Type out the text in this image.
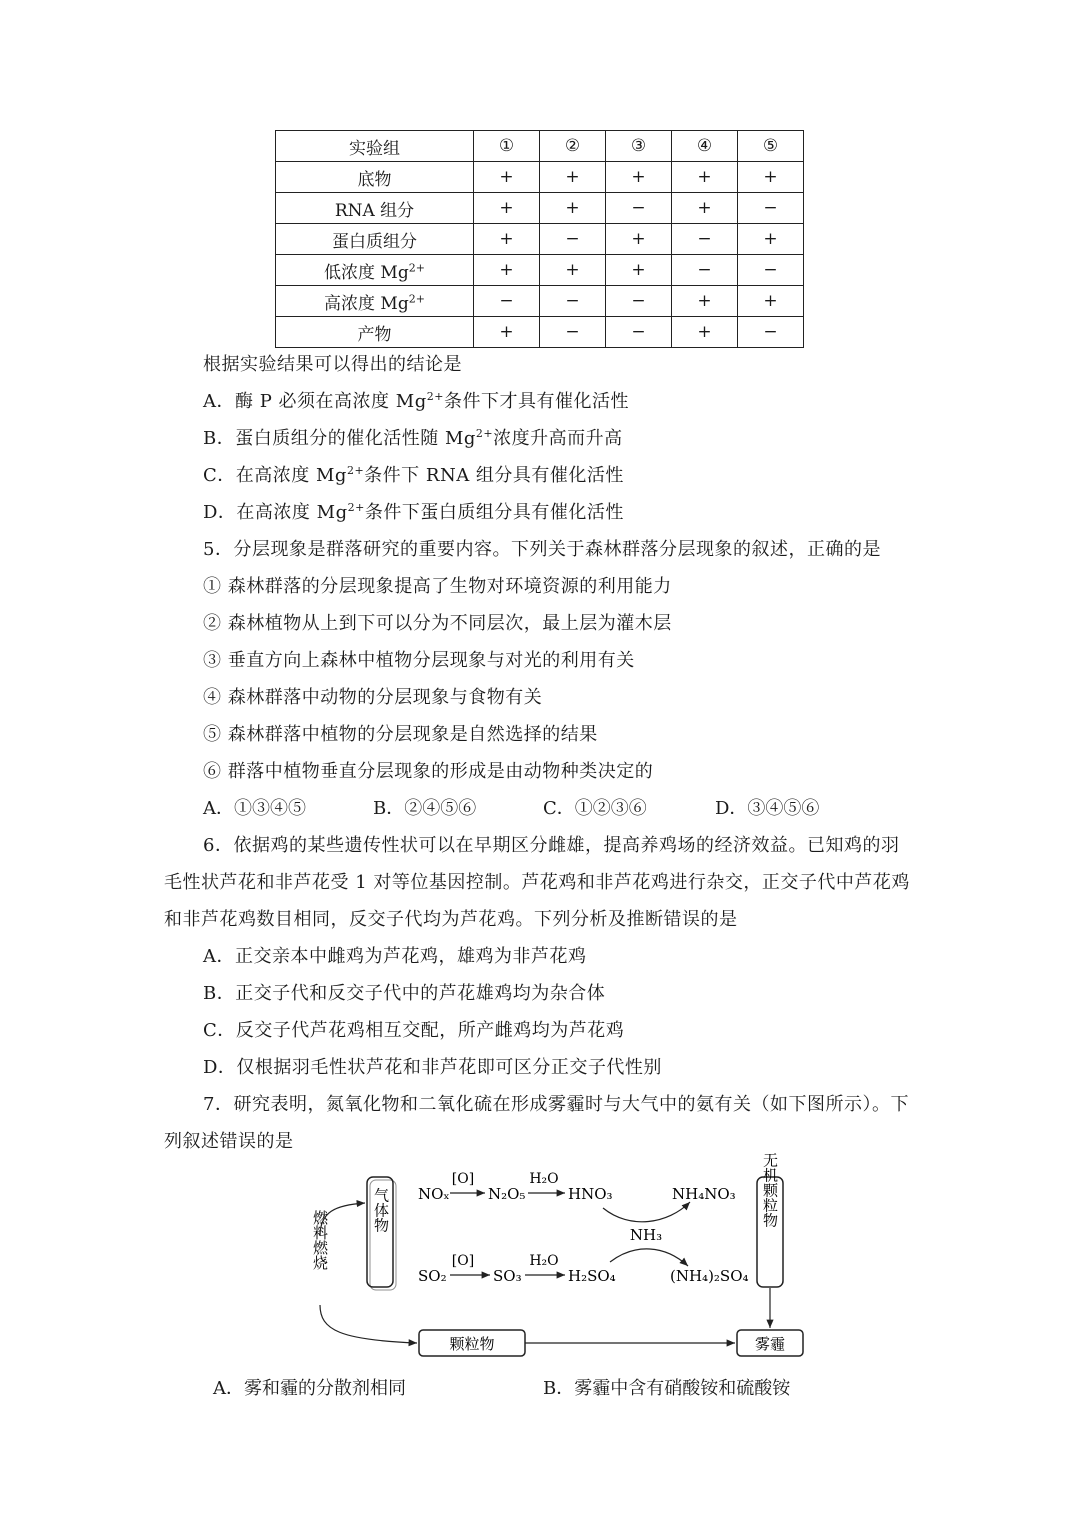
实验组	①	②	③	④	⑤
底物	+	+	+	+	+
RNA 组分	+	+	−	+	−
蛋白质组分	+	−	+	−	+
低浓度 $Mg^{2+}$	+	+	+	−	−
高浓度 $Mg^{2+}$	−	−	−	+	+
产物	+	−	−	+	−
根据实验结果可以得出的结论是
A．酶 P 必须在高浓度 $Mg^{2+}$条件下才具有催化活性
B．蛋白质组分的催化活性随 $Mg^{2+}$浓度升高而升高
C．在高浓度 $Mg^{2+}$条件下 RNA 组分具有催化活性
D．在高浓度 $Mg^{2+}$条件下蛋白质组分具有催化活性
5．分层现象是群落研究的重要内容。下列关于森林群落分层现象的叙述，正确的是
① 森林群落的分层现象提高了生物对环境资源的利用能力
② 森林植物从上到下可以分为不同层次，最上层为灌木层
③ 垂直方向上森林中植物分层现象与对光的利用有关
④ 森林群落中动物的分层现象与食物有关
⑤ 森林群落中植物的分层现象是自然选择的结果
⑥ 群落中植物垂直分层现象的形成是由动物种类决定的
A．①③④⑤	B．②④⑤⑥	C．①②③⑥	D．③④⑤⑥
6．依据鸡的某些遗传性状可以在早期区分雌雄，提高养鸡场的经济效益。已知鸡的羽
毛性状芦花和非芦花受 1 对等位基因控制。芦花鸡和非芦花鸡进行杂交，正交子代中芦花鸡
和非芦花鸡数目相同，反交子代均为芦花鸡。下列分析及推断错误的是
A．正交亲本中雌鸡为芦花鸡，雄鸡为非芦花鸡
B．正交子代和反交子代中的芦花雄鸡均为杂合体
C．反交子代芦花鸡相互交配，所产雌鸡均为芦花鸡
D．仅根据羽毛性状芦花和非芦花即可区分正交子代性别
7．研究表明，氮氧化物和二氧化硫在形成雾霾时与大气中的氨有关（如下图所示）。下
列叙述错误的是
气体物	无机颗粒物
燃料燃烧
颗粒物	雾霾
NOₓ
[O]
N₂O₅
H₂O
HNO₃	NH₄NO₃
NH₃
SO₂
[O]
SO₃
H₂O
H₂SO₄	(NH₄)₂SO₄
A．雾和霾的分散剂相同	B．雾霾中含有硝酸铵和硫酸铵
